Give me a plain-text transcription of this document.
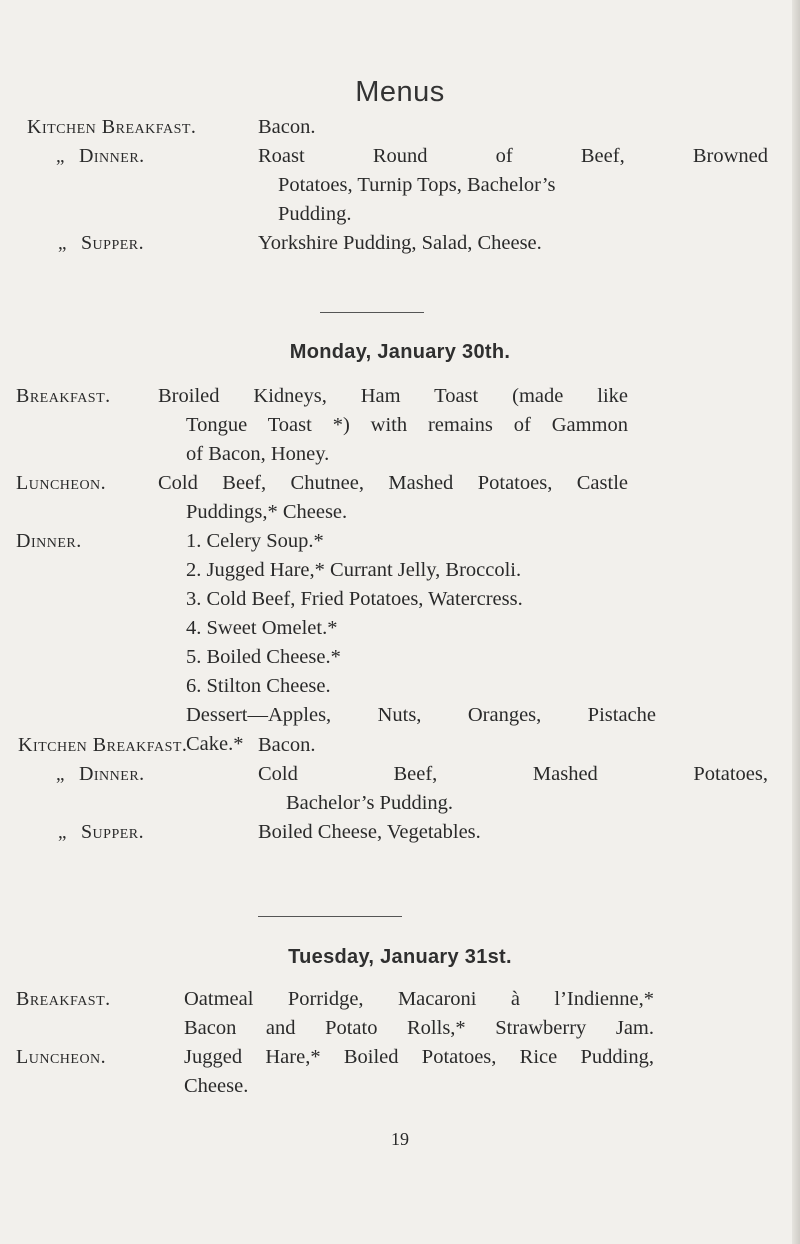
Menus
Kitchen Breakfast.	Bacon.
„ Dinner.	Roast Round of Beef, Browned
Potatoes, Turnip Tops, Bachelor’s
Pudding.
„ Supper.	Yorkshire Pudding, Salad, Cheese.
Monday, January 30th.
Breakfast. Broiled Kidneys, Ham Toast (made like
Tongue Toast *) with remains of Gammon
of Bacon, Honey.
Luncheon.	Cold Beef, Chutnee, Mashed Potatoes, Castle
Puddings,* Cheese.
Dinner.	1. Celery Soup.*
2. Jugged Hare,* Currant Jelly, Broccoli.
3. Cold Beef, Fried Potatoes, Watercress.
4. Sweet Omelet.*
5. Boiled Cheese.*
6. Stilton Cheese.
Dessert—Apples, Nuts, Oranges, Pistache
Cake.*
Kitchen Breakfast.	Bacon.
„ Dinner.	Cold Beef, Mashed Potatoes,
Bachelor’s Pudding.
„ Supper.	Boiled Cheese, Vegetables.
Tuesday, January 31st.
Breakfast.	Oatmeal Porridge, Macaroni à l’Indienne,*
Bacon and Potato Rolls,* Strawberry Jam.
Luncheon.	Jugged Hare,* Boiled Potatoes, Rice Pudding,
Cheese.
19
